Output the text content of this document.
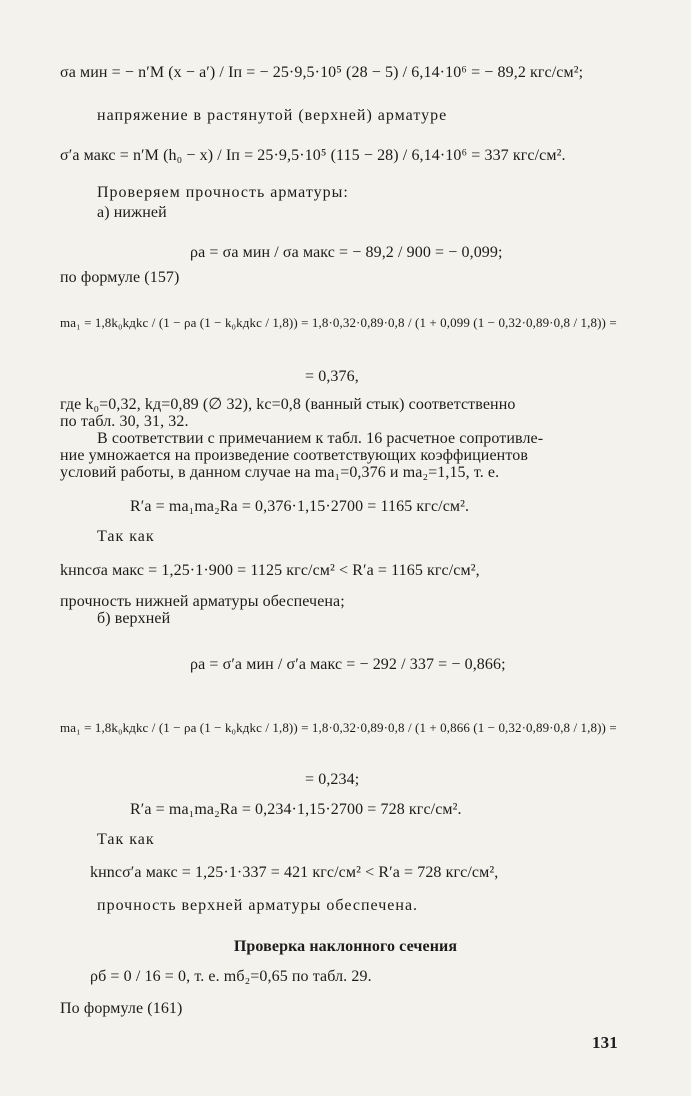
σа мин = − n′M (x − a′) / Iп = − 25·9,5·10⁵ (28 − 5) / 6,14·10⁶ = − 89,2 кгс/см²;
напряжение в растянутой (верхней) арматуре
σ′а макс = n′M (h₀ − x) / Iп = 25·9,5·10⁵ (115 − 28) / 6,14·10⁶ = 337 кгс/см².
Проверяем прочность арматуры:
а) нижней
ρа = σа мин / σа макс = − 89,2 / 900 = − 0,099;
по формуле (157)
ma₁ = 1,8k₀kдkс / (1 − ρа (1 − k₀kдkс / 1,8)) = 1,8·0,32·0,89·0,8 / (1 + 0,099 (1 − 0,32·0,89·0,8 / 1,8)) =
= 0,376,
где k₀=0,32, kд=0,89 (∅ 32), kс=0,8 (ванный стык) соответственно
по табл. 30, 31, 32.
В соответствии с примечанием к табл. 16 расчетное сопротивле-
ние умножается на произведение соответствующих коэффициентов
условий работы, в данном случае на ma₁=0,376 и ma₂=1,15, т. е.
R′а = ma₁ma₂Rа = 0,376·1,15·2700 = 1165 кгс/см².
Так как
kнnсσа макс = 1,25·1·900 = 1125 кгс/см² < R′а = 1165 кгс/см²,
прочность нижней арматуры обеспечена;
б) верхней
ρа = σ′а мин / σ′а макс = − 292 / 337 = − 0,866;
ma₁ = 1,8k₀kдkс / (1 − ρа (1 − k₀kдkс / 1,8)) = 1,8·0,32·0,89·0,8 / (1 + 0,866 (1 − 0,32·0,89·0,8 / 1,8)) =
= 0,234;
R′а = ma₁ma₂Rа = 0,234·1,15·2700 = 728 кгс/см².
Так как
kнnсσ′а макс = 1,25·1·337 = 421 кгс/см² < R′а = 728 кгс/см²,
прочность верхней арматуры обеспечена.
Проверка наклонного сечения
ρб = 0 / 16 = 0, т. е. mб₂=0,65 по табл. 29.
По формуле (161)
131
